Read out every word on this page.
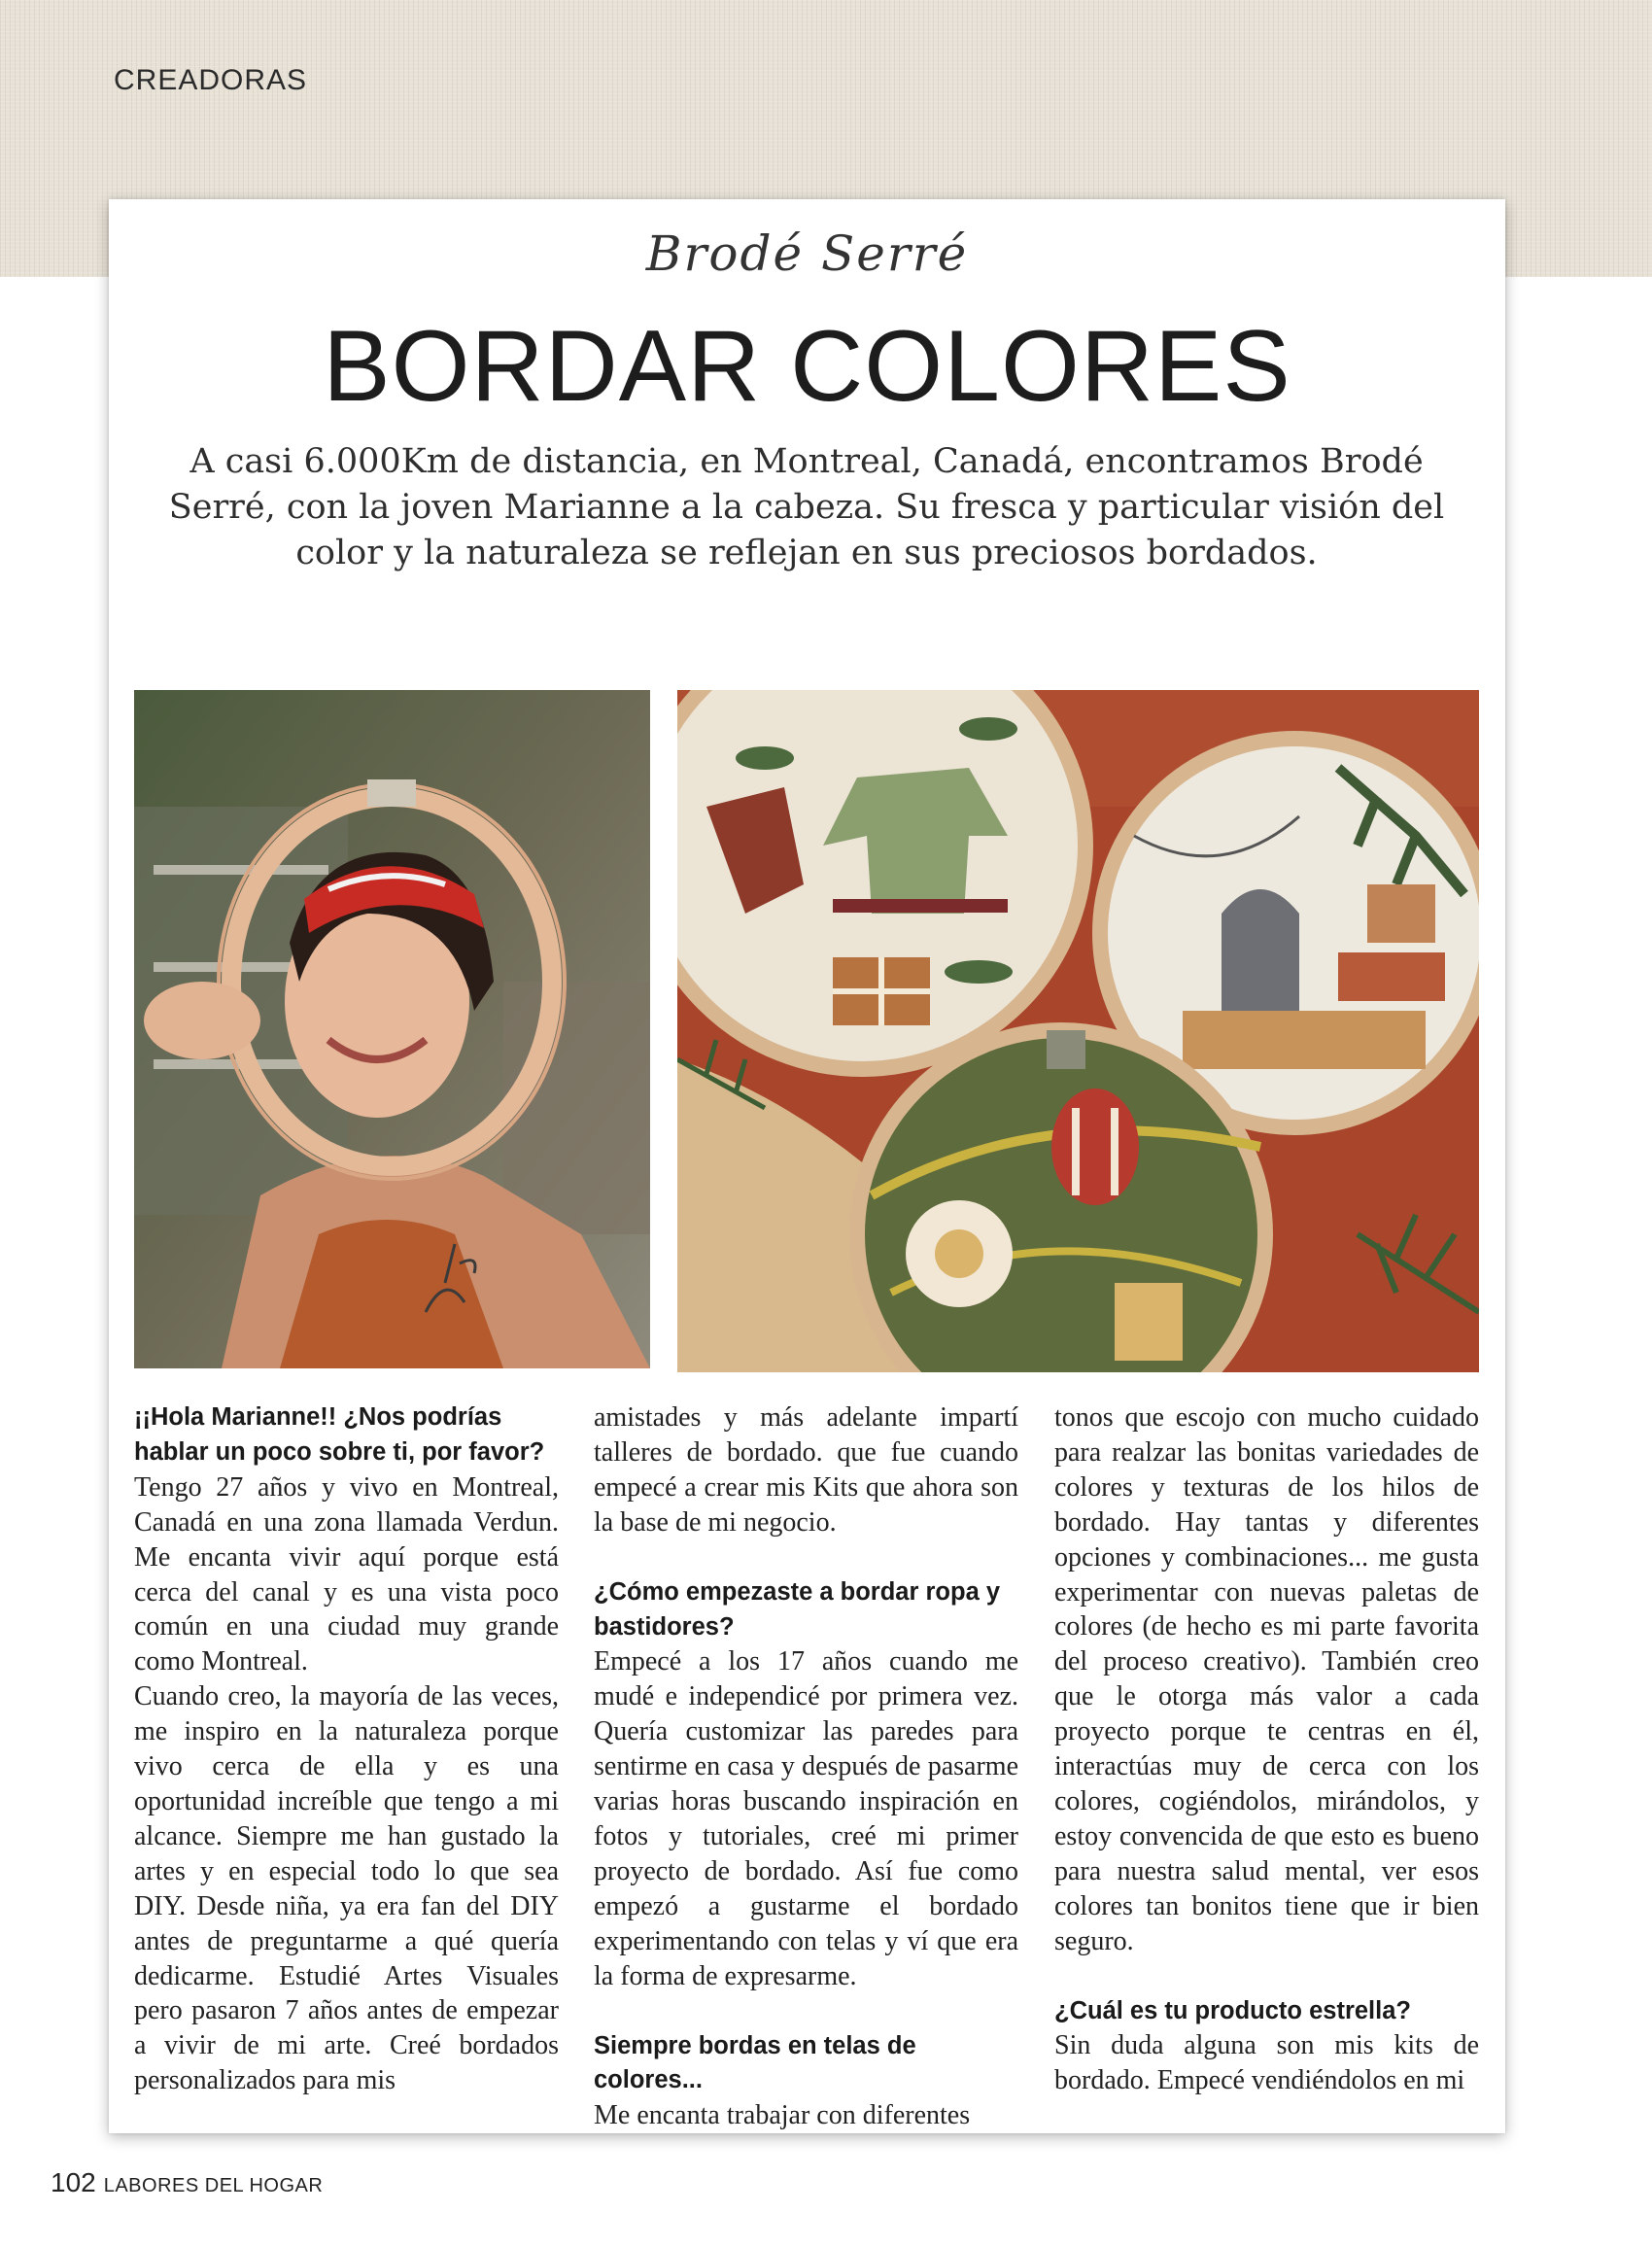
CREADORAS
Brodé Serré
BORDAR COLORES
A casi 6.000Km de distancia, en Montreal, Canadá, encontramos Brodé Serré, con la joven Marianne a la cabeza. Su fresca y particular visión del color y la naturaleza se reflejan en sus preciosos bordados.

¡¡Hola Marianne!! ¿Nos podrías hablar un poco sobre ti, por favor?

Tengo 27 años y vivo en Montreal, Canadá en una zona llamada Verdun. Me encanta vivir aquí porque está cerca del canal y es una vista poco común en una ciudad muy grande como Montreal.

Cuando creo, la mayoría de las veces, me inspiro en la naturaleza porque vivo cerca de ella y es una oportunidad increíble que tengo a mi alcance. Siempre me han gustado la artes y en especial todo lo que sea DIY. Desde niña, ya era fan del DIY antes de preguntarme a qué quería dedicarme. Estudié Artes Visuales pero pasaron 7 años antes de empezar a vivir de mi arte. Creé bordados personalizados para mis

amistades y más adelante impartí talleres de bordado. que fue cuando empecé a crear mis Kits que ahora son la base de mi negocio.

¿Cómo empezaste a bordar ropa y bastidores?

Empecé a los 17 años cuando me mudé e independicé por primera vez. Quería customizar las paredes para sentirme en casa y después de pasarme varias horas buscando inspiración en fotos y tutoriales, creé mi primer proyecto de bordado. Así fue como empezó a gustarme el bordado experimentando con telas y ví que era la forma de expresarme.

Siempre bordas en telas de colores...

Me encanta trabajar con diferentes

tonos que escojo con mucho cuidado para realzar las bonitas variedades de colores y texturas de los hilos de bordado. Hay tantas y diferentes opciones y combinaciones... me gusta experimentar con nuevas paletas de colores (de hecho es mi parte favorita del proceso creativo). También creo que le otorga más valor a cada proyecto porque te centras en él, interactúas muy de cerca con los colores, cogiéndolos, mirándolos, y estoy convencida de que esto es bueno para nuestra salud mental, ver esos colores tan bonitos tiene que ir bien seguro.

¿Cuál es tu producto estrella?

Sin duda alguna son mis kits de bordado. Empecé vendiéndolos en mi

102 LABORES DEL HOGAR
